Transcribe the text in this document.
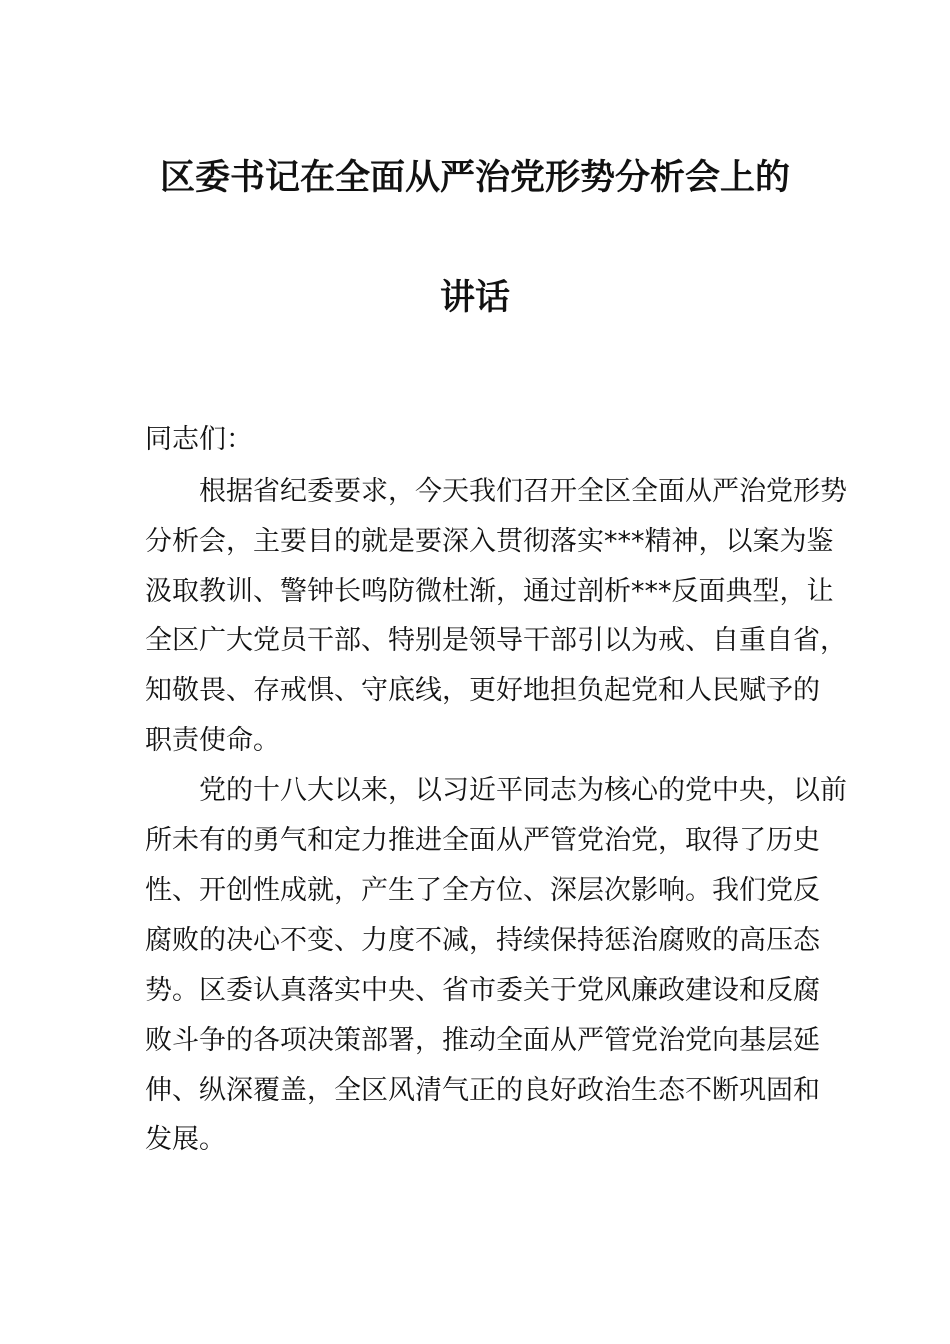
区委书记在全面从严治党形势分析会上的
讲话
同志们：
　　根据省纪委要求，今天我们召开全区全面从严治党形势
分析会，主要目的就是要深入贯彻落实***精神，以案为鉴
汲取教训、警钟长鸣防微杜渐，通过剖析***反面典型，让
全区广大党员干部、特别是领导干部引以为戒、自重自省，
知敬畏、存戒惧、守底线，更好地担负起党和人民赋予的
职责使命。
　　党的十八大以来，以习近平同志为核心的党中央，以前
所未有的勇气和定力推进全面从严管党治党，取得了历史
性、开创性成就，产生了全方位、深层次影响。我们党反
腐败的决心不变、力度不减，持续保持惩治腐败的高压态
势。区委认真落实中央、省市委关于党风廉政建设和反腐
败斗争的各项决策部署，推动全面从严管党治党向基层延
伸、纵深覆盖，全区风清气正的良好政治生态不断巩固和
发展。
